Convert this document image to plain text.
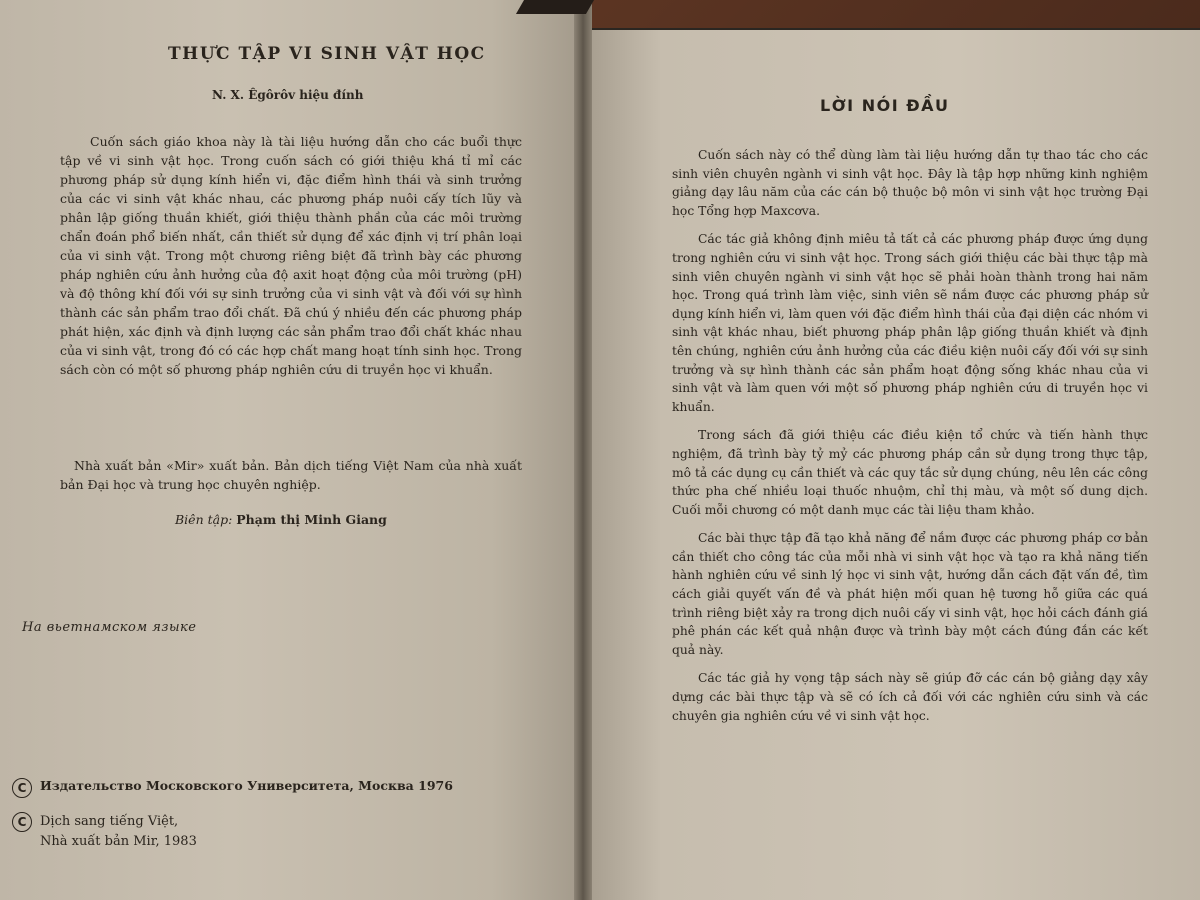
THỰC TẬP VI SINH VẬT HỌC
N. X. Êgôrôv hiệu đính

Cuốn sách giáo khoa này là tài liệu hướng dẫn cho các buổi thực tập về vi sinh vật học. Trong cuốn sách có giới thiệu khá tỉ mỉ các phương pháp sử dụng kính hiển vi, đặc điểm hình thái và sinh trưởng của các vi sinh vật khác nhau, các phương pháp nuôi cấy tích lũy và phân lập giống thuần khiết, giới thiệu thành phần của các môi trường chẩn đoán phổ biến nhất, cần thiết sử dụng để xác định vị trí phân loại của vi sinh vật. Trong một chương riêng biệt đã trình bày các phương pháp nghiên cứu ảnh hưởng của độ axit hoạt động của môi trường (pH) và độ thông khí đối với sự sinh trưởng của vi sinh vật và đối với sự hình thành các sản phẩm trao đổi chất. Đã chú ý nhiều đến các phương pháp phát hiện, xác định và định lượng các sản phẩm trao đổi chất khác nhau của vi sinh vật, trong đó có các hợp chất mang hoạt tính sinh học. Trong sách còn có một số phương pháp nghiên cứu di truyền học vi khuẩn.

Nhà xuất bản «Mir» xuất bản. Bản dịch tiếng Việt Nam của nhà xuất bản Đại học và trung học chuyên nghiệp.

Biên tập: Phạm thị Minh Giang
На вьетнамском языке
C	Издательство Московского Университета, Москва 1976
C	Dịch sang tiếng Việt,
Nhà xuất bản Mir, 1983
LỜI NÓI ĐẦU

Cuốn sách này có thể dùng làm tài liệu hướng dẫn tự thao tác cho các sinh viên chuyên ngành vi sinh vật học. Đây là tập hợp những kinh nghiệm giảng dạy lâu năm của các cán bộ thuộc bộ môn vi sinh vật học trường Đại học Tổng hợp Maxcơva.

Các tác giả không định miêu tả tất cả các phương pháp được ứng dụng trong nghiên cứu vi sinh vật học. Trong sách giới thiệu các bài thực tập mà sinh viên chuyên ngành vi sinh vật học sẽ phải hoàn thành trong hai năm học. Trong quá trình làm việc, sinh viên sẽ nắm được các phương pháp sử dụng kính hiển vi, làm quen với đặc điểm hình thái của đại diện các nhóm vi sinh vật khác nhau, biết phương pháp phân lập giống thuần khiết và định tên chúng, nghiên cứu ảnh hưởng của các điều kiện nuôi cấy đối với sự sinh trưởng và sự hình thành các sản phẩm hoạt động sống khác nhau của vi sinh vật và làm quen với một số phương pháp nghiên cứu di truyền học vi khuẩn.

Trong sách đã giới thiệu các điều kiện tổ chức và tiến hành thực nghiệm, đã trình bày tỷ mỷ các phương pháp cần sử dụng trong thực tập, mô tả các dụng cụ cần thiết và các quy tắc sử dụng chúng, nêu lên các công thức pha chế nhiều loại thuốc nhuộm, chỉ thị màu, và một số dung dịch. Cuối mỗi chương có một danh mục các tài liệu tham khảo.

Các bài thực tập đã tạo khả năng để nắm được các phương pháp cơ bản cần thiết cho công tác của mỗi nhà vi sinh vật học và tạo ra khả năng tiến hành nghiên cứu về sinh lý học vi sinh vật, hướng dẫn cách đặt vấn đề, tìm cách giải quyết vấn đề và phát hiện mối quan hệ tương hỗ giữa các quá trình riêng biệt xảy ra trong dịch nuôi cấy vi sinh vật, học hỏi cách đánh giá phê phán các kết quả nhận được và trình bày một cách đúng đắn các kết quả này.

Các tác giả hy vọng tập sách này sẽ giúp đỡ các cán bộ giảng dạy xây dựng các bài thực tập và sẽ có ích cả đối với các nghiên cứu sinh và các chuyên gia nghiên cứu về vi sinh vật học.
